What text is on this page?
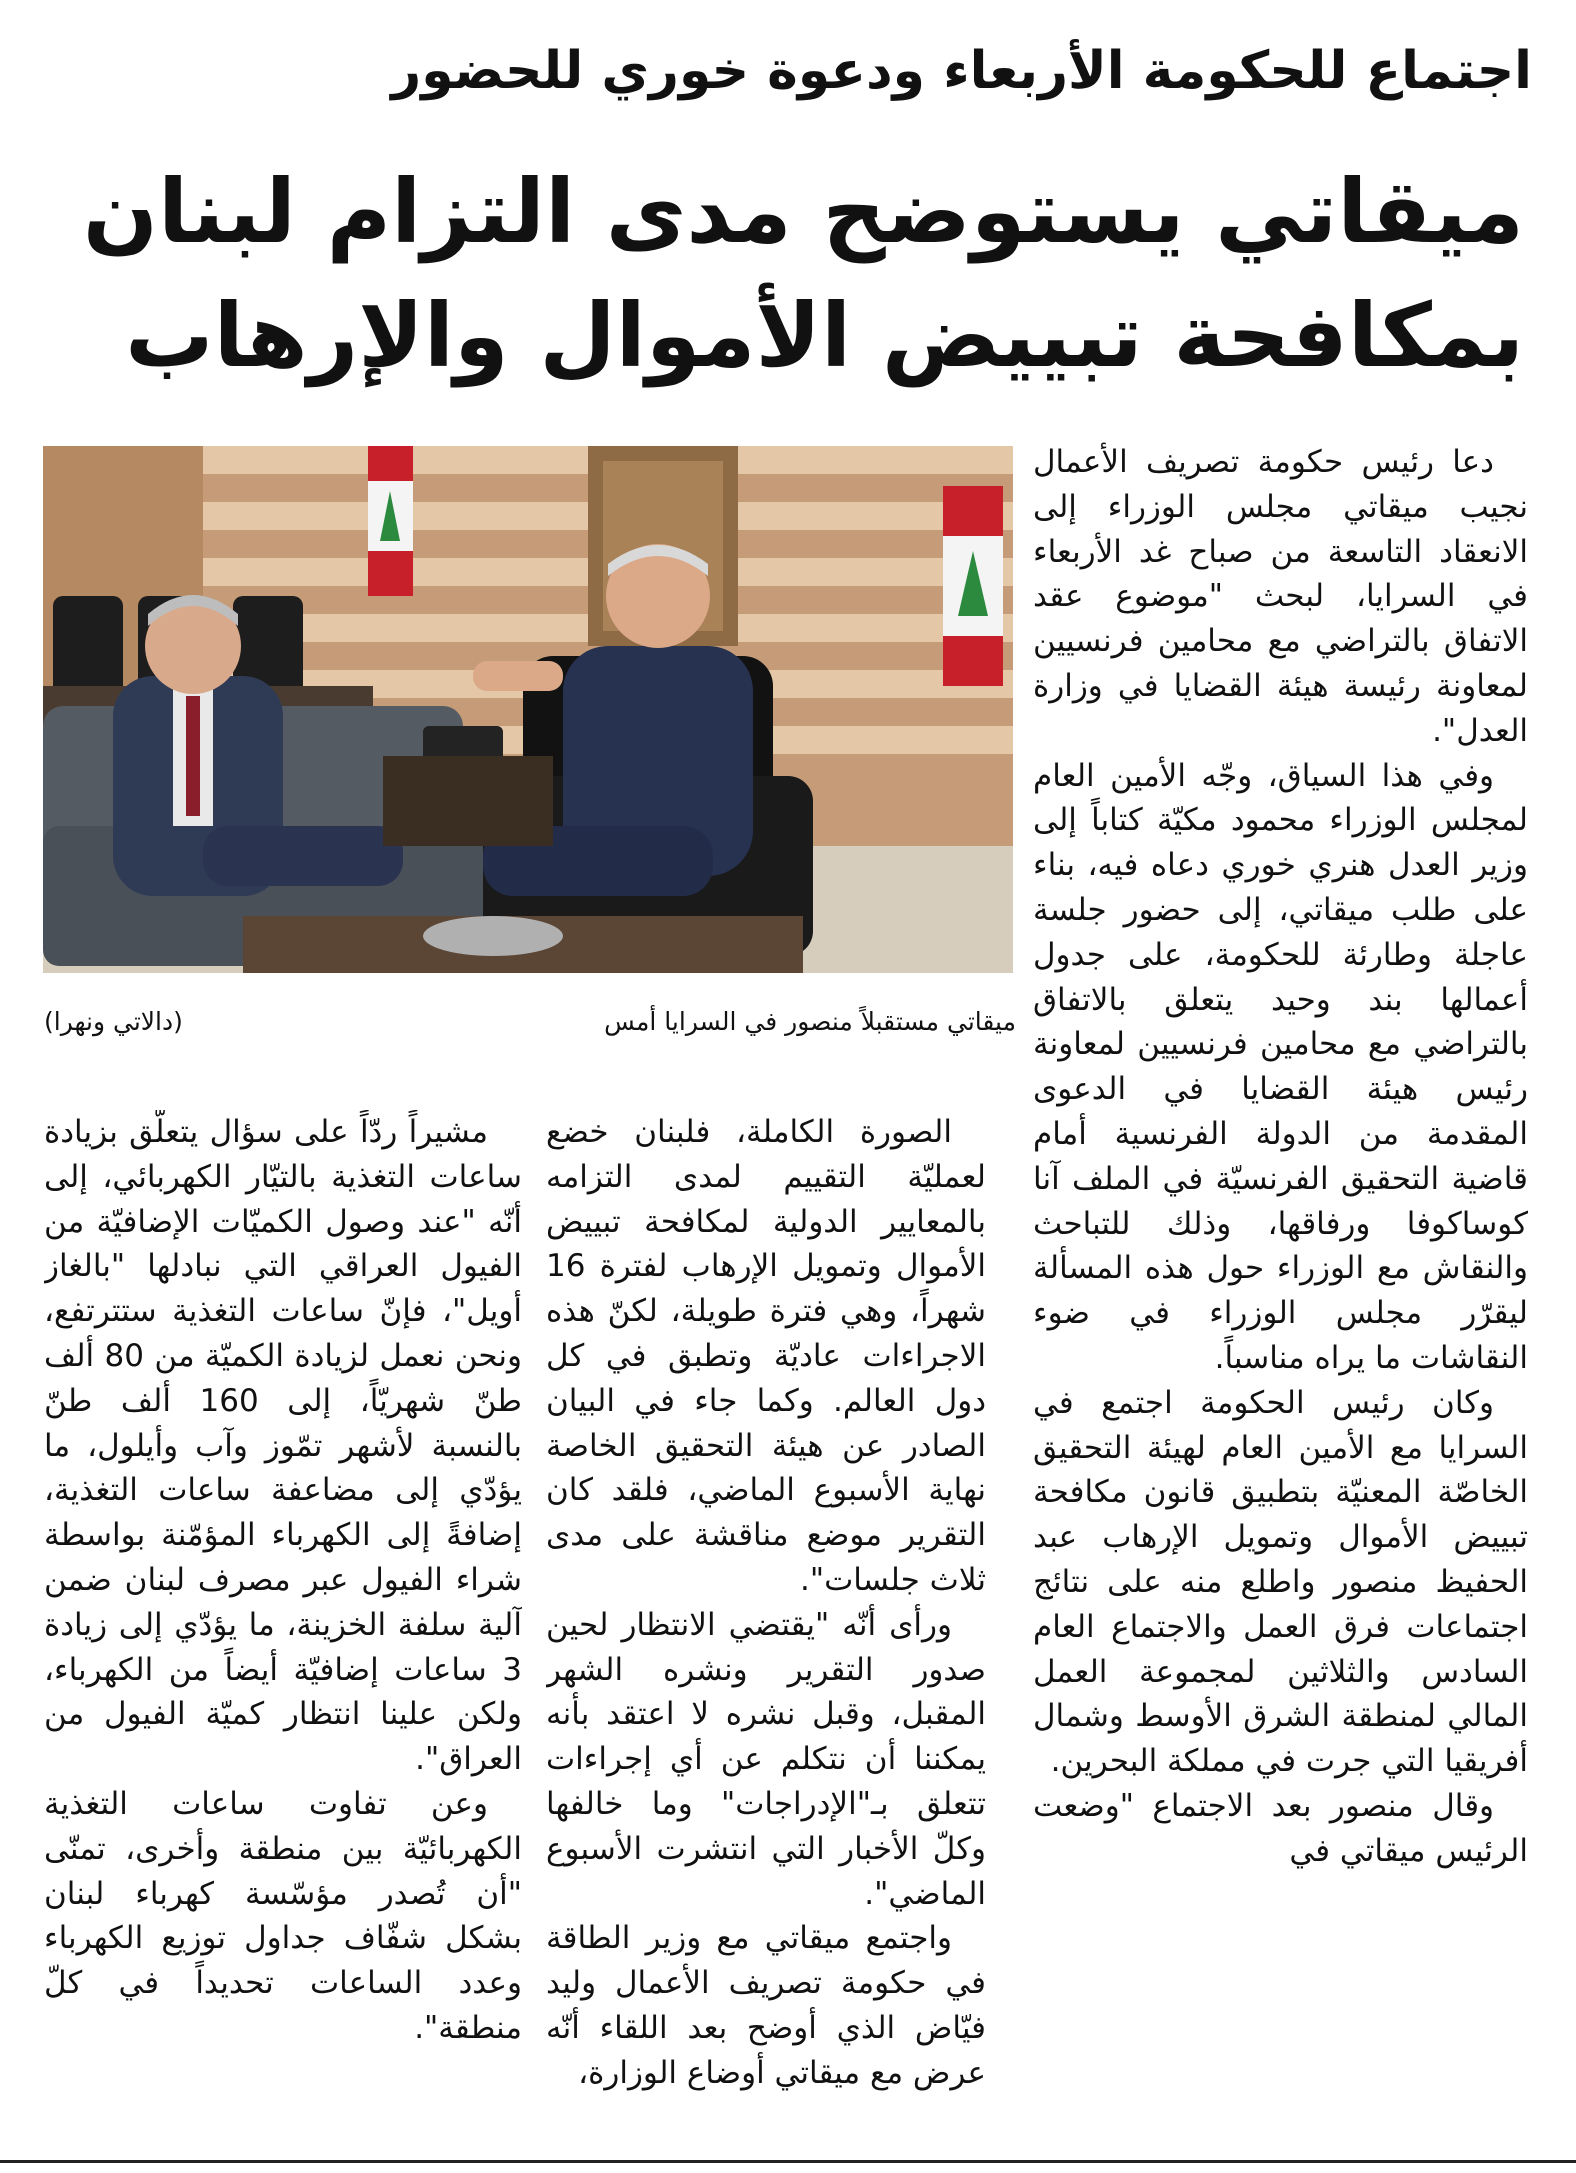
اجتماع للحكومة الأربعاء ودعوة خوري للحضور
ميقاتي يستوضح مدى التزام لبنان
بمكافحة تبييض الأموال والإرهاب
ميقاتي مستقبلاً منصور في السرايا أمس
(دالاتي ونهرا)

دعا رئيس حكومة تصريف الأعمال نجيب ميقاتي مجلس الوزراء إلى الانعقاد التاسعة من صباح غد الأربعاء في السرايا، لبحث "موضوع عقد الاتفاق بالتراضي مع محامين فرنسيين لمعاونة رئيسة هيئة القضايا في وزارة العدل".

وفي هذا السياق، وجّه الأمين العام لمجلس الوزراء محمود مكيّة كتاباً إلى وزير العدل هنري خوري دعاه فيه، بناء على طلب ميقاتي، إلى حضور جلسة عاجلة وطارئة للحكومة، على جدول أعمالها بند وحيد يتعلق بالاتفاق بالتراضي مع محامين فرنسيين لمعاونة رئيس هيئة القضايا في الدعوى المقدمة من الدولة الفرنسية أمام قاضية التحقيق الفرنسيّة في الملف آنا كوساكوفا ورفاقها، وذلك للتباحث والنقاش مع الوزراء حول هذه المسألة ليقرّر مجلس الوزراء في ضوء النقاشات ما يراه مناسباً.

وكان رئيس الحكومة اجتمع في السرايا مع الأمين العام لهيئة التحقيق الخاصّة المعنيّة بتطبيق قانون مكافحة تبييض الأموال وتمويل الإرهاب عبد الحفيظ منصور واطلع منه على نتائج اجتماعات فرق العمل والاجتماع العام السادس والثلاثين لمجموعة العمل المالي لمنطقة الشرق الأوسط وشمال أفريقيا التي جرت في مملكة البحرين.

وقال منصور بعد الاجتماع "وضعت الرئيس ميقاتي في

الصورة الكاملة، فلبنان خضع لعمليّة التقييم لمدى التزامه بالمعايير الدولية لمكافحة تبييض الأموال وتمويل الإرهاب لفترة 16 شهراً، وهي فترة طويلة، لكنّ هذه الاجراءات عاديّة وتطبق في كل دول العالم. وكما جاء في البيان الصادر عن هيئة التحقيق الخاصة نهاية الأسبوع الماضي، فلقد كان التقرير موضع مناقشة على مدى ثلاث جلسات".

ورأى أنّه "يقتضي الانتظار لحين صدور التقرير ونشره الشهر المقبل، وقبل نشره لا اعتقد بأنه يمكننا أن نتكلم عن أي إجراءات تتعلق بـ"الإدراجات" وما خالفها وكلّ الأخبار التي انتشرت الأسبوع الماضي".

واجتمع ميقاتي مع وزير الطاقة في حكومة تصريف الأعمال وليد فيّاض الذي أوضح بعد اللقاء أنّه عرض مع ميقاتي أوضاع الوزارة،

مشيراً ردّاً على سؤال يتعلّق بزيادة ساعات التغذية بالتيّار الكهربائي، إلى أنّه "عند وصول الكميّات الإضافيّة من الفيول العراقي التي نبادلها "بالغاز أويل"، فإنّ ساعات التغذية ستترتفع، ونحن نعمل لزيادة الكميّة من 80 ألف طنّ شهريّاً، إلى 160 ألف طنّ بالنسبة لأشهر تمّوز وآب وأيلول، ما يؤدّي إلى مضاعفة ساعات التغذية، إضافةً إلى الكهرباء المؤمّنة بواسطة شراء الفيول عبر مصرف لبنان ضمن آلية سلفة الخزينة، ما يؤدّي إلى زيادة 3 ساعات إضافيّة أيضاً من الكهرباء، ولكن علينا انتظار كميّة الفيول من العراق".

وعن تفاوت ساعات التغذية الكهربائيّة بين منطقة وأخرى، تمنّى "أن تُصدر مؤسّسة كهرباء لبنان بشكل شفّاف جداول توزيع الكهرباء وعدد الساعات تحديداً في كلّ منطقة".
